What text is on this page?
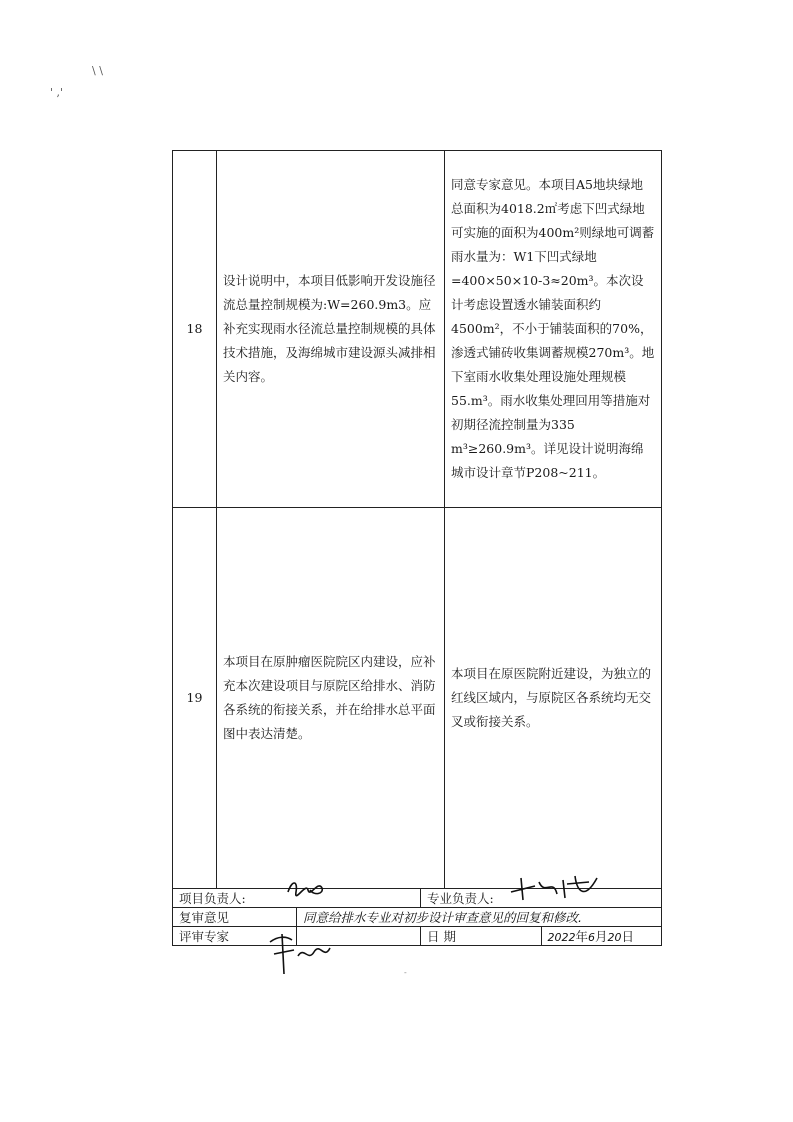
\ \
' ,'
18	设计说明中，本项目低影响开发设施径流总量控制规模为:W=260.9m3。应补充实现雨水径流总量控制规模的具体技术措施，及海绵城市建设源头减排相关内容。	同意专家意见。本项目A5地块绿地总面积为4018.2㎡考虑下凹式绿地可实施的面积为400m²则绿地可调蓄雨水量为：W1下凹式绿地=400×50×10-3≈20m³。本次设计考虑设置透水铺装面积约4500m²，不小于铺装面积的70%，渗透式铺砖收集调蓄规模270m³。地下室雨水收集处理设施处理规模55.m³。雨水收集处理回用等措施对初期径流控制量为335 m³≥260.9m³。详见设计说明海绵城市设计章节P208~211。
19	本项目在原肿瘤医院院区内建设，应补充本次建设项目与原院区给排水、消防各系统的衔接关系，并在给排水总平面图中表达清楚。	本项目在原医院附近建设，为独立的红线区域内，与原院区各系统均无交叉或衔接关系。
项目负责人:		专业负责人:	
复审意见	同意给排水专业对初步设计审查意见的回复和修改.		
评审专家		日 期	2022年6月20日
-
